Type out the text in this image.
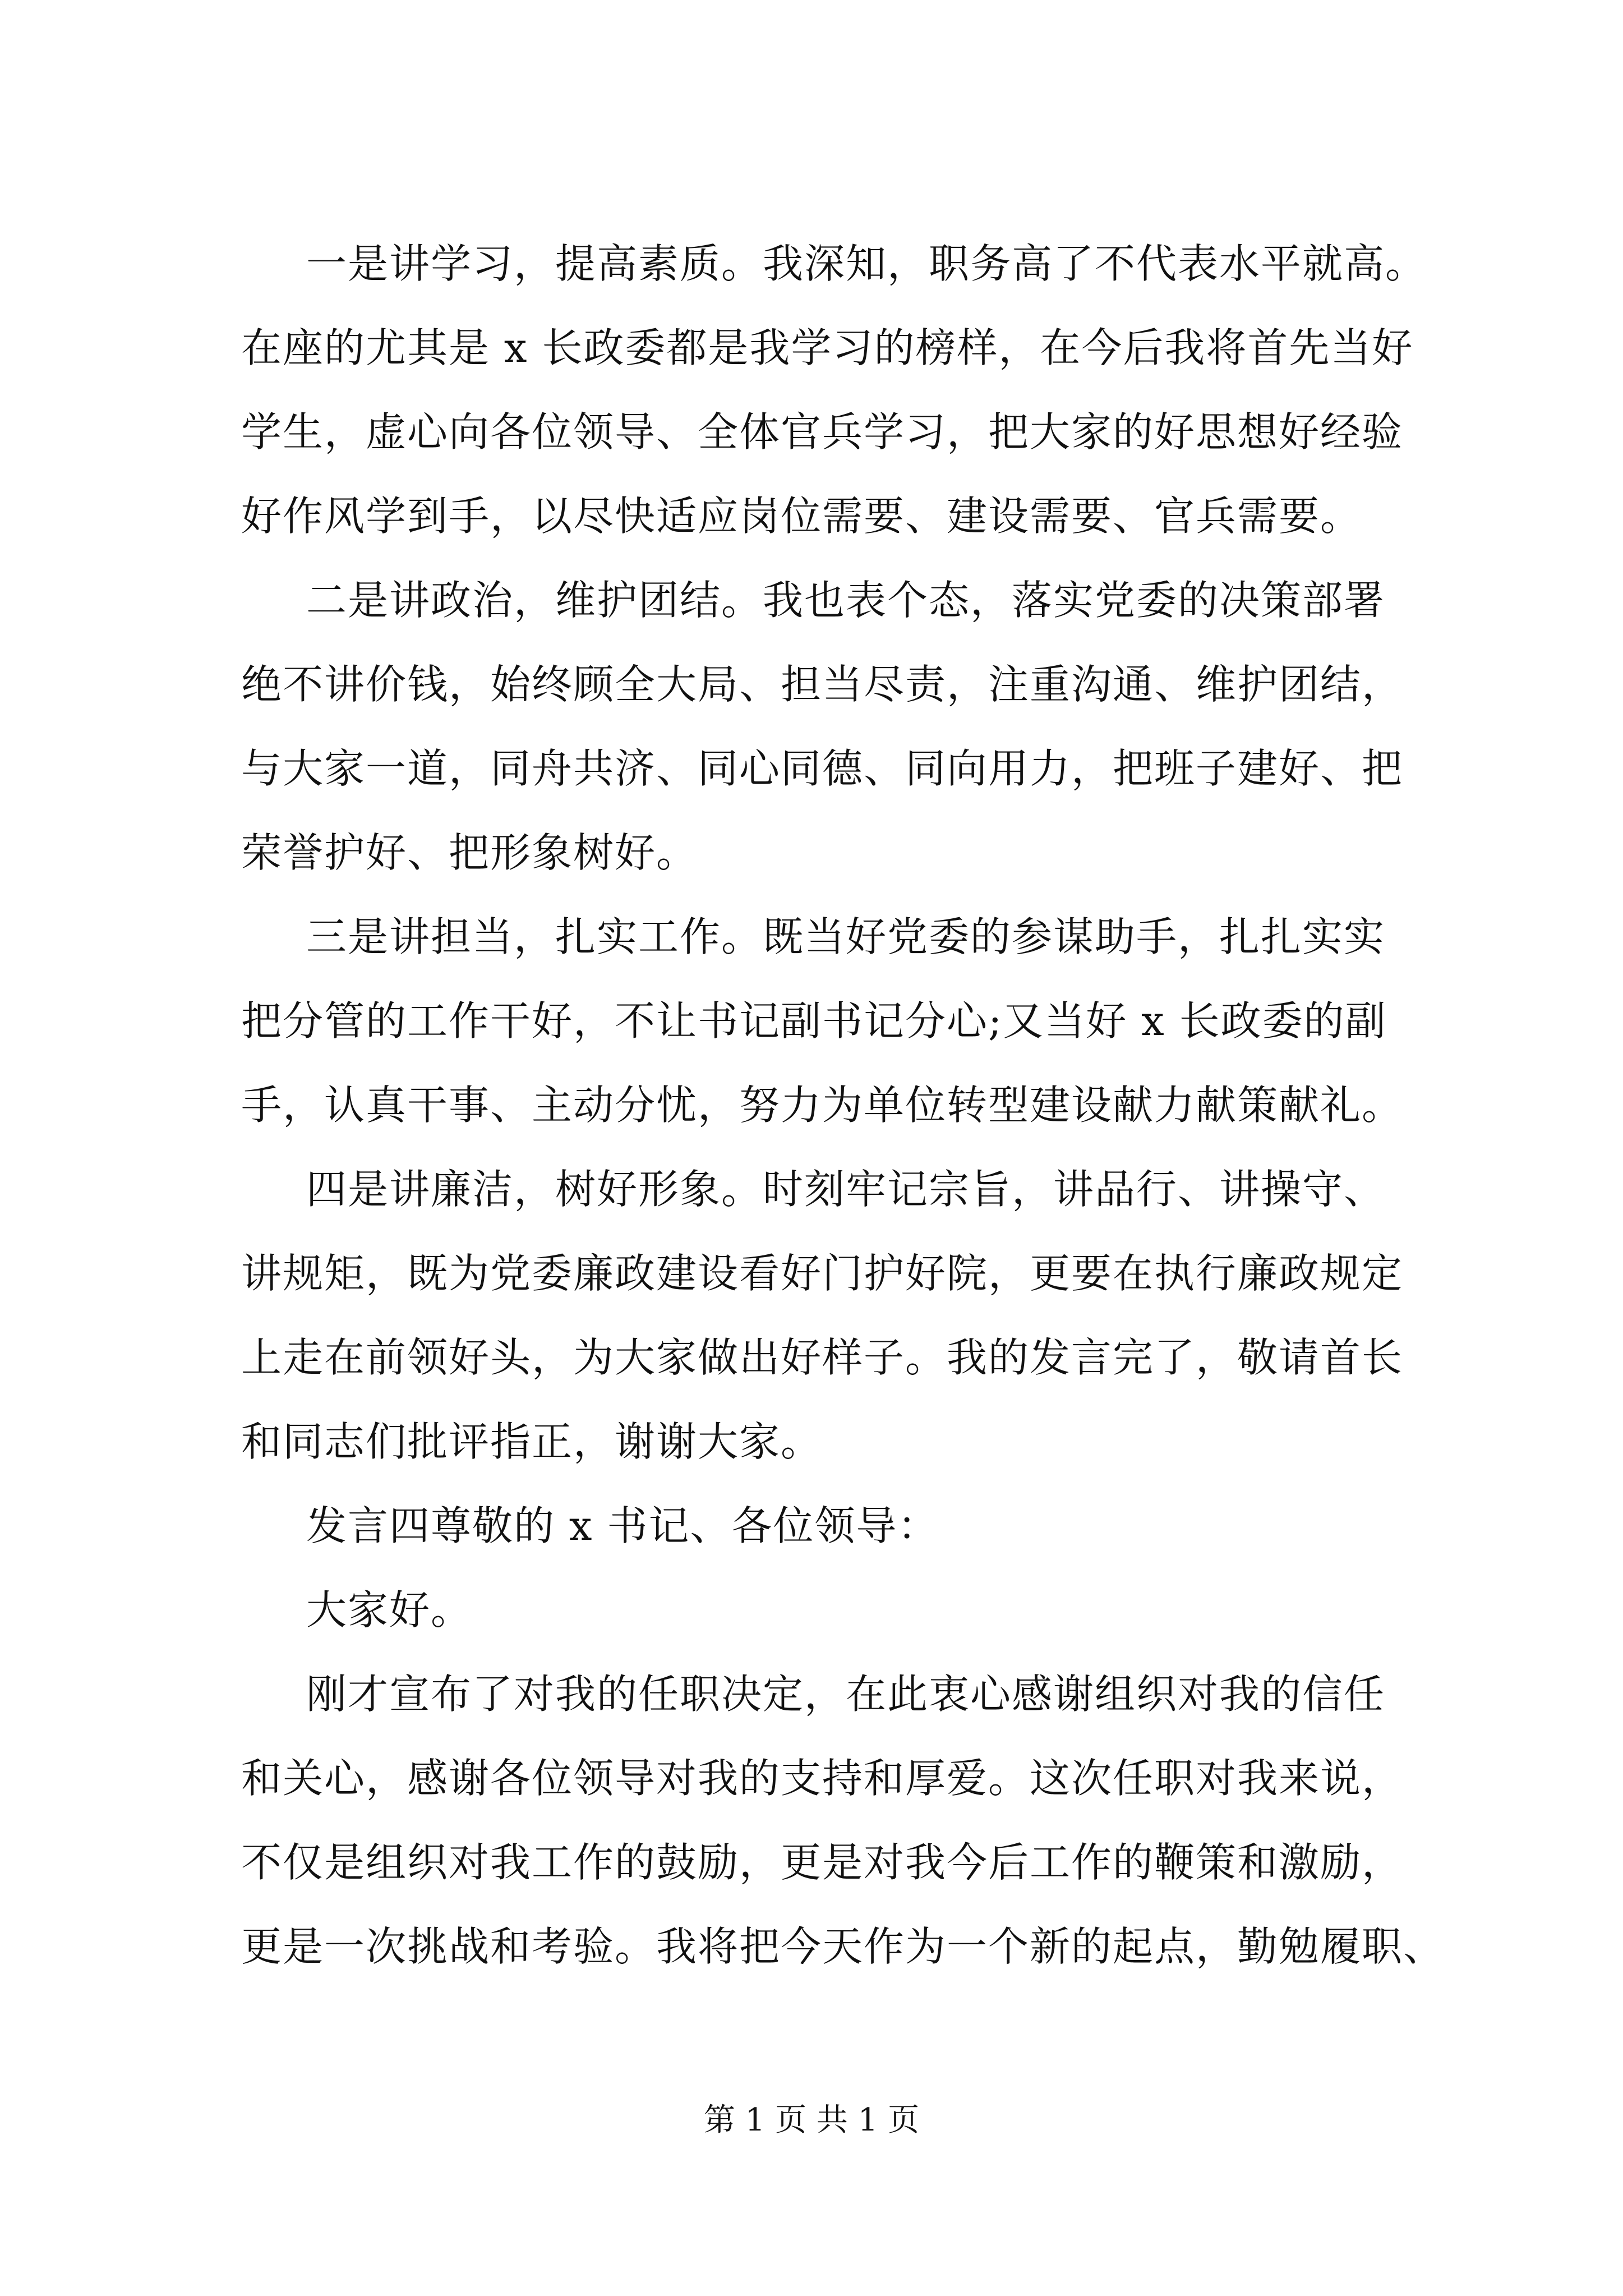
一是讲学习，提高素质。我深知，职务高了不代表水平就高。
在座的尤其是 x 长政委都是我学习的榜样，在今后我将首先当好
学生，虚心向各位领导、全体官兵学习，把大家的好思想好经验
好作风学到手，以尽快适应岗位需要、建设需要、官兵需要。
二是讲政治，维护团结。我也表个态，落实党委的决策部署
绝不讲价钱，始终顾全大局、担当尽责，注重沟通、维护团结，
与大家一道，同舟共济、同心同德、同向用力，把班子建好、把
荣誉护好、把形象树好。
三是讲担当，扎实工作。既当好党委的参谋助手，扎扎实实
把分管的工作干好，不让书记副书记分心;又当好 x 长政委的副
手，认真干事、主动分忧，努力为单位转型建设献力献策献礼。
四是讲廉洁，树好形象。时刻牢记宗旨，讲品行、讲操守、
讲规矩，既为党委廉政建设看好门护好院，更要在执行廉政规定
上走在前领好头，为大家做出好样子。我的发言完了，敬请首长
和同志们批评指正，谢谢大家。
发言四尊敬的 x 书记、各位领导：
大家好。
刚才宣布了对我的任职决定，在此衷心感谢组织对我的信任
和关心，感谢各位领导对我的支持和厚爱。这次任职对我来说，
不仅是组织对我工作的鼓励，更是对我今后工作的鞭策和激励，
更是一次挑战和考验。我将把今天作为一个新的起点，勤勉履职、
第 1 页 共 1 页
